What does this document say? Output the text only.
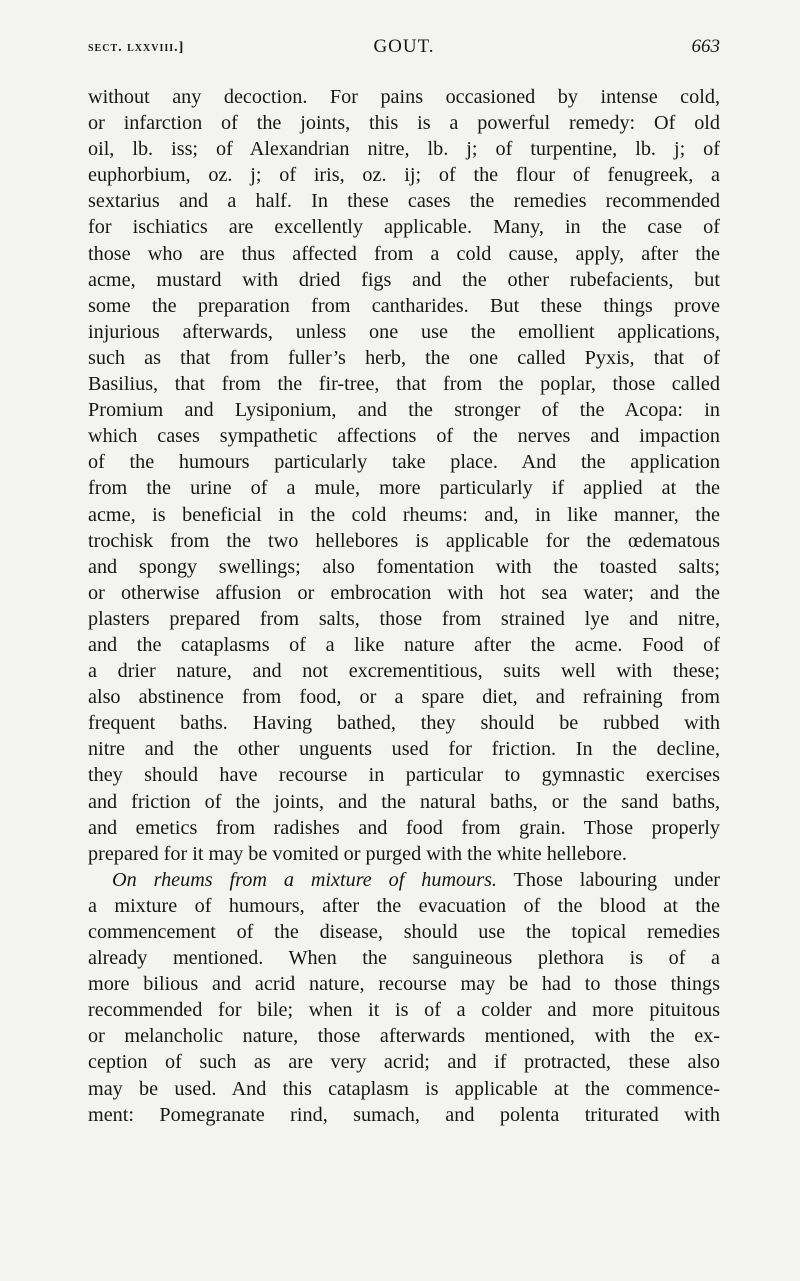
sect. lxxviii.]	GOUT.	663
without any decoction. For pains occasioned by intense cold,
or infarction of the joints, this is a powerful remedy: Of old
oil, lb. iss; of Alexandrian nitre, lb. j; of turpentine, lb. j; of
euphorbium, oz. j; of iris, oz. ij; of the flour of fenugreek, a
sextarius and a half. In these cases the remedies recommended
for ischiatics are excellently applicable. Many, in the case of
those who are thus affected from a cold cause, apply, after the
acme, mustard with dried figs and the other rubefacients, but
some the preparation from cantharides. But these things prove
injurious afterwards, unless one use the emollient applications,
such as that from fuller’s herb, the one called Pyxis, that of
Basilius, that from the fir-tree, that from the poplar, those called
Promium and Lysiponium, and the stronger of the Acopa: in
which cases sympathetic affections of the nerves and impaction
of the humours particularly take place. And the application
from the urine of a mule, more particularly if applied at the
acme, is beneficial in the cold rheums: and, in like manner, the
trochisk from the two hellebores is applicable for the œdematous
and spongy swellings; also fomentation with the toasted salts;
or otherwise affusion or embrocation with hot sea water; and the
plasters prepared from salts, those from strained lye and nitre,
and the cataplasms of a like nature after the acme. Food of
a drier nature, and not excrementitious, suits well with these;
also abstinence from food, or a spare diet, and refraining from
frequent baths. Having bathed, they should be rubbed with
nitre and the other unguents used for friction. In the decline,
they should have recourse in particular to gymnastic exercises
and friction of the joints, and the natural baths, or the sand baths,
and emetics from radishes and food from grain. Those properly
prepared for it may be vomited or purged with the white hellebore.
On rheums from a mixture of humours. Those labouring under
a mixture of humours, after the evacuation of the blood at the
commencement of the disease, should use the topical remedies
already mentioned. When the sanguineous plethora is of a
more bilious and acrid nature, recourse may be had to those things
recommended for bile; when it is of a colder and more pituitous
or melancholic nature, those afterwards mentioned, with the ex-
ception of such as are very acrid; and if protracted, these also
may be used. And this cataplasm is applicable at the commence-
ment: Pomegranate rind, sumach, and polenta triturated with
